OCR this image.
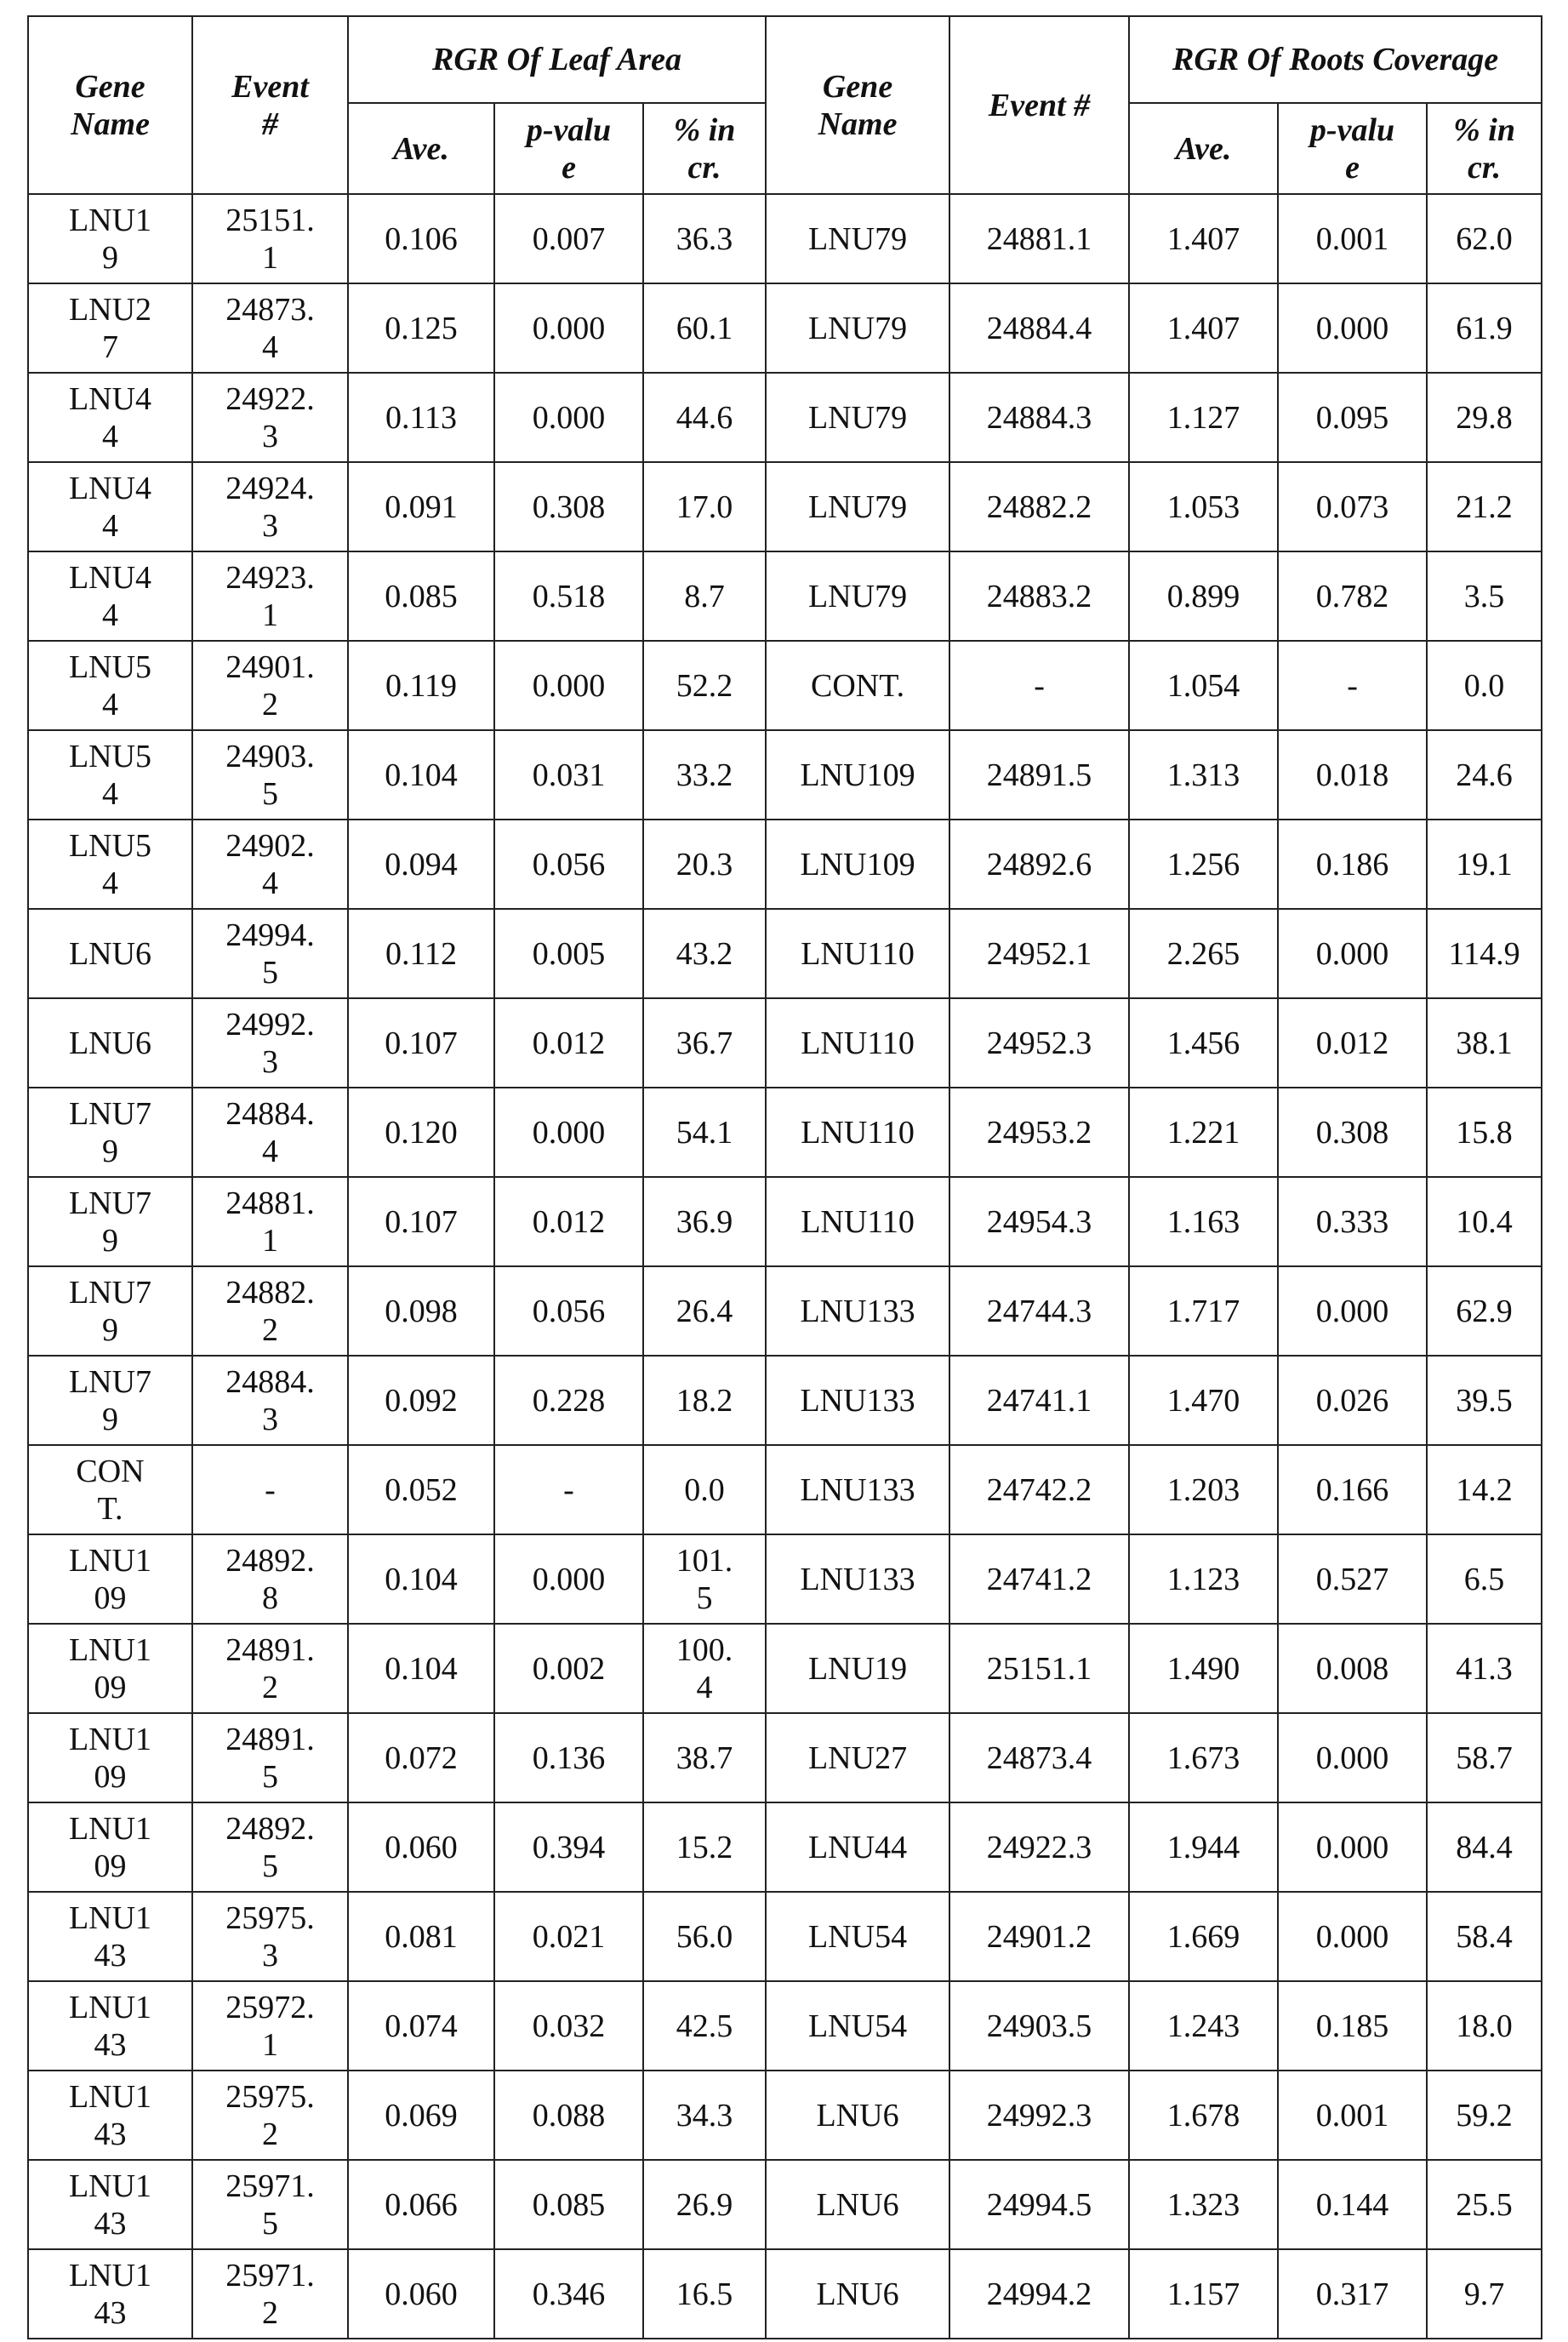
Gene Name	Event #	RGR Of Leaf Area	Gene Name	Event #	RGR Of Roots Coverage
Ave.	p-value	% incr.	Ave.	p-value	% incr.
LNU19	25151.1	0.106	0.007	36.3	LNU79	24881.1	1.407	0.001	62.0
LNU27	24873.4	0.125	0.000	60.1	LNU79	24884.4	1.407	0.000	61.9
LNU44	24922.3	0.113	0.000	44.6	LNU79	24884.3	1.127	0.095	29.8
LNU44	24924.3	0.091	0.308	17.0	LNU79	24882.2	1.053	0.073	21.2
LNU44	24923.1	0.085	0.518	8.7	LNU79	24883.2	0.899	0.782	3.5
LNU54	24901.2	0.119	0.000	52.2	CONT.	-	1.054	-	0.0
LNU54	24903.5	0.104	0.031	33.2	LNU109	24891.5	1.313	0.018	24.6
LNU54	24902.4	0.094	0.056	20.3	LNU109	24892.6	1.256	0.186	19.1
LNU6	24994.5	0.112	0.005	43.2	LNU110	24952.1	2.265	0.000	114.9
LNU6	24992.3	0.107	0.012	36.7	LNU110	24952.3	1.456	0.012	38.1
LNU79	24884.4	0.120	0.000	54.1	LNU110	24953.2	1.221	0.308	15.8
LNU79	24881.1	0.107	0.012	36.9	LNU110	24954.3	1.163	0.333	10.4
LNU79	24882.2	0.098	0.056	26.4	LNU133	24744.3	1.717	0.000	62.9
LNU79	24884.3	0.092	0.228	18.2	LNU133	24741.1	1.470	0.026	39.5
CONT.	-	0.052	-	0.0	LNU133	24742.2	1.203	0.166	14.2
LNU109	24892.8	0.104	0.000	101.5	LNU133	24741.2	1.123	0.527	6.5
LNU109	24891.2	0.104	0.002	100.4	LNU19	25151.1	1.490	0.008	41.3
LNU109	24891.5	0.072	0.136	38.7	LNU27	24873.4	1.673	0.000	58.7
LNU109	24892.5	0.060	0.394	15.2	LNU44	24922.3	1.944	0.000	84.4
LNU143	25975.3	0.081	0.021	56.0	LNU54	24901.2	1.669	0.000	58.4
LNU143	25972.1	0.074	0.032	42.5	LNU54	24903.5	1.243	0.185	18.0
LNU143	25975.2	0.069	0.088	34.3	LNU6	24992.3	1.678	0.001	59.2
LNU143	25971.5	0.066	0.085	26.9	LNU6	24994.5	1.323	0.144	25.5
LNU143	25971.2	0.060	0.346	16.5	LNU6	24994.2	1.157	0.317	9.7
